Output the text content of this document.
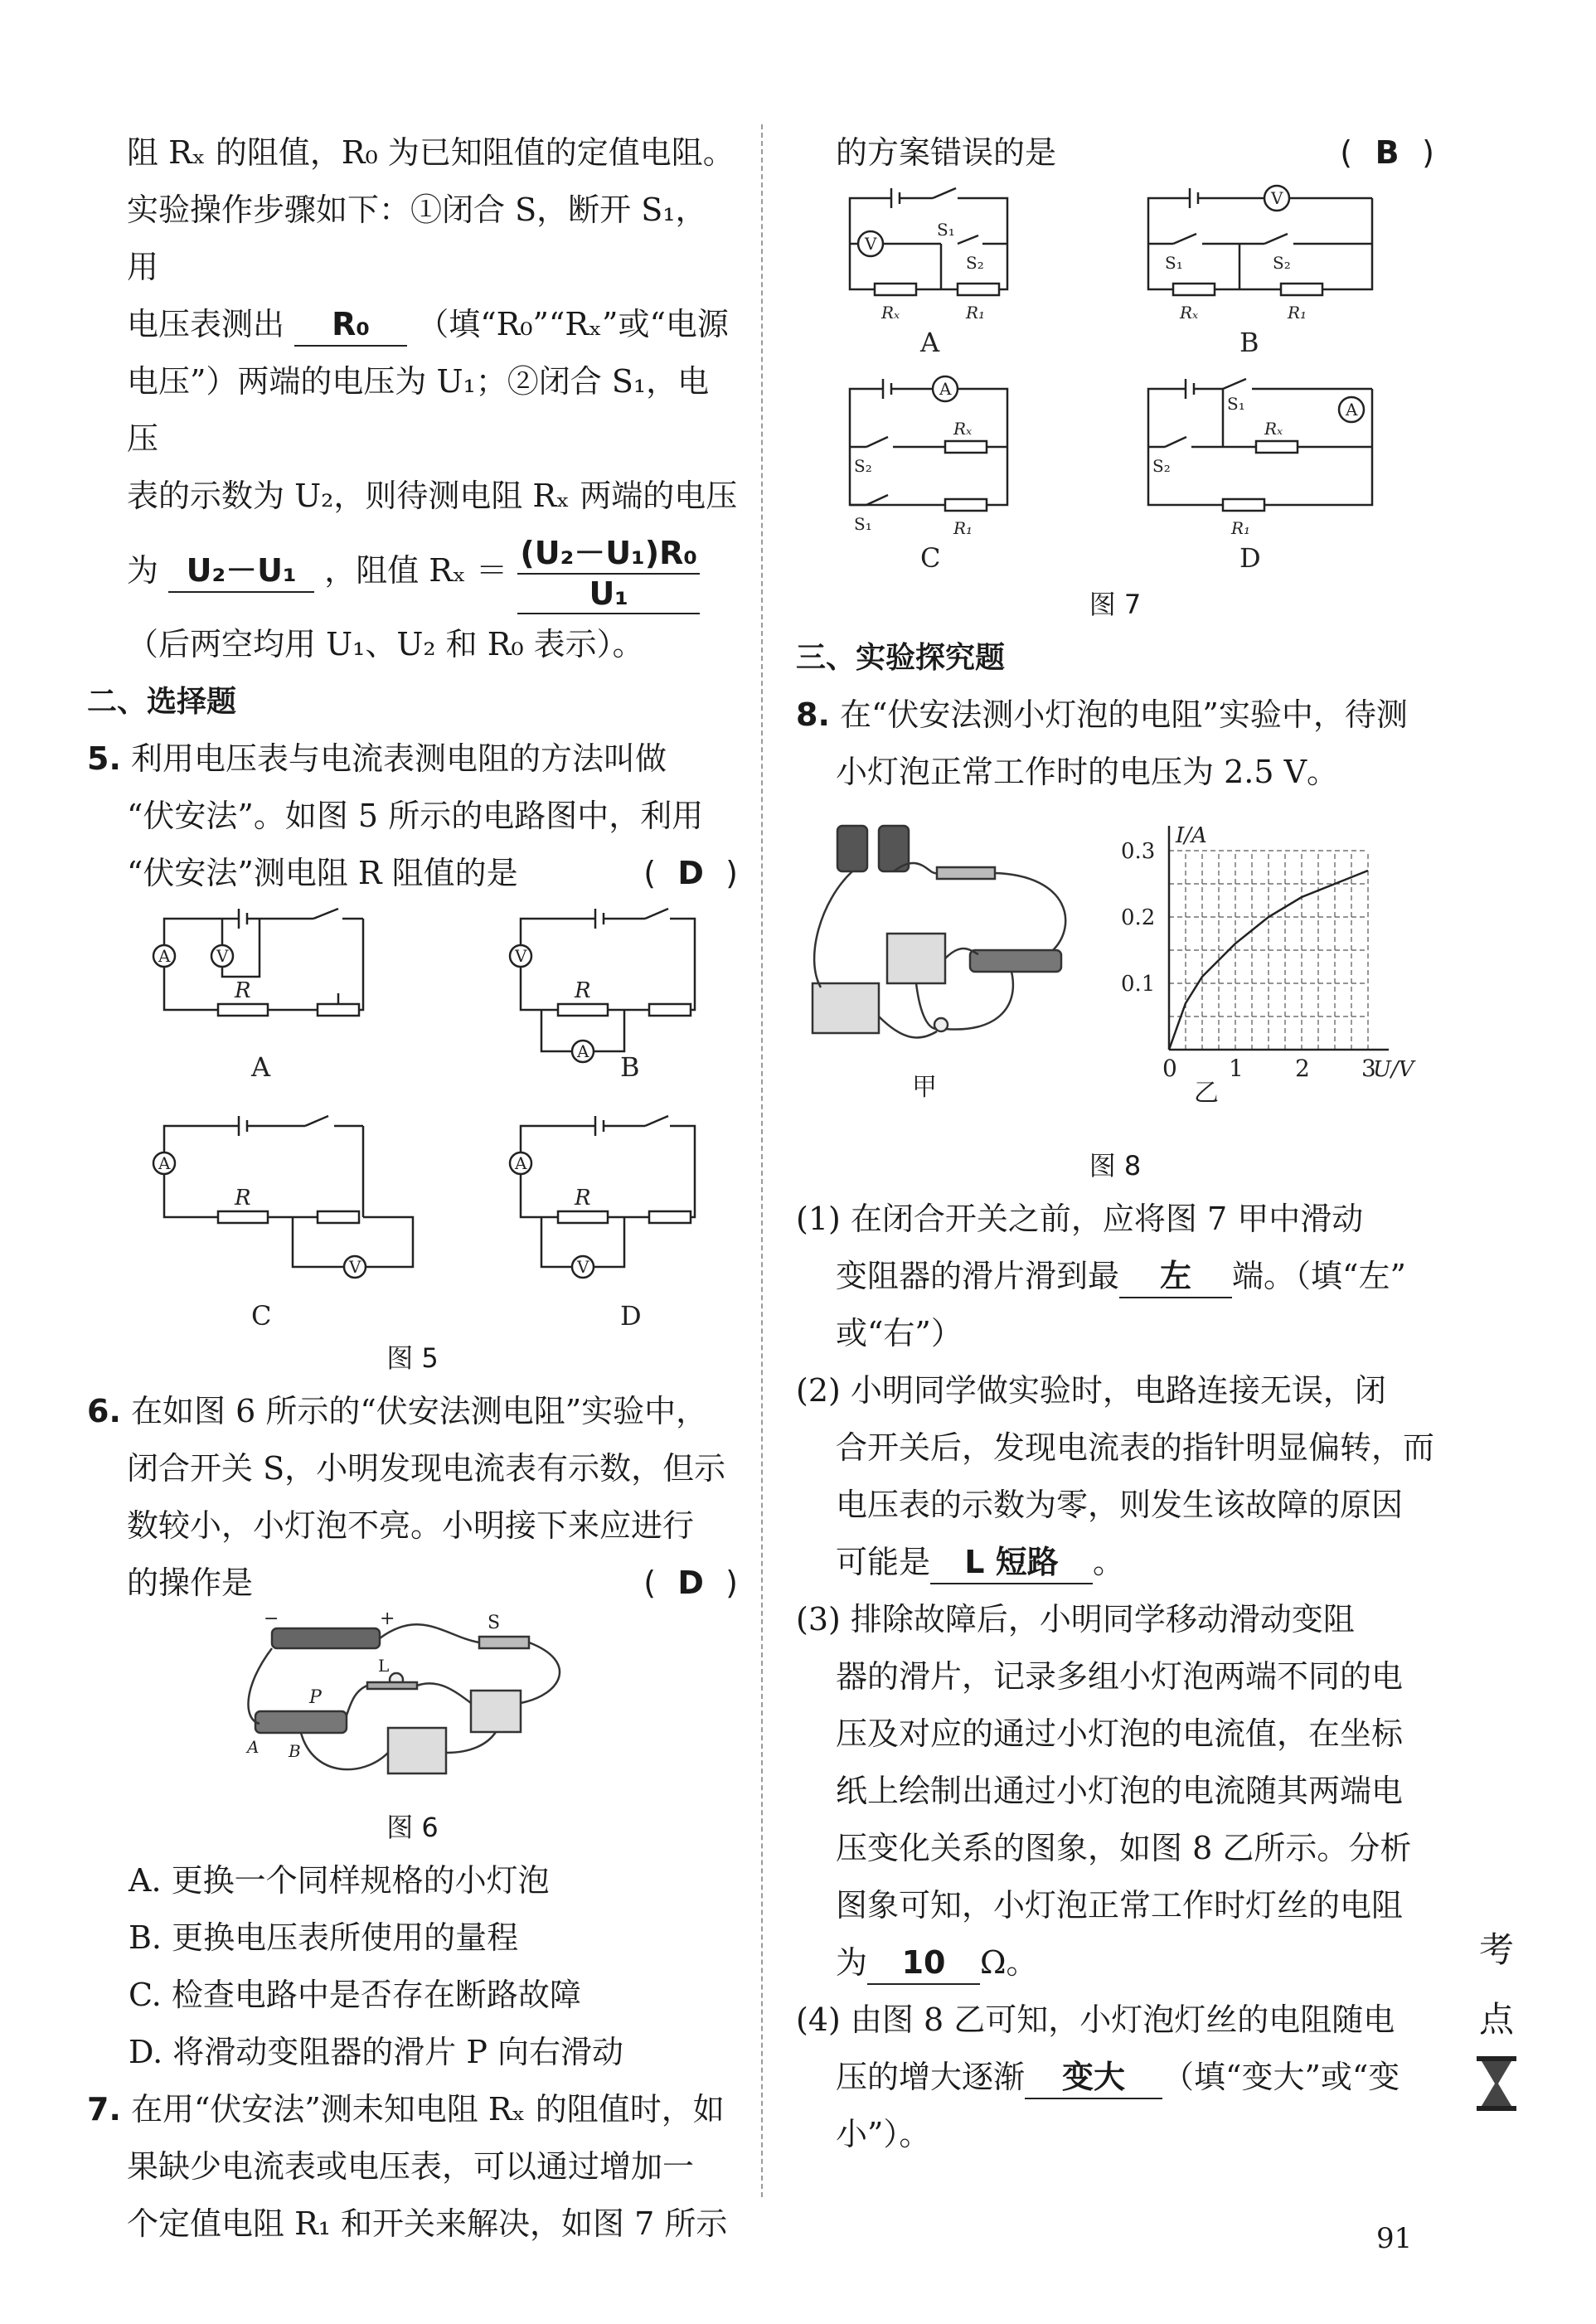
阻 Rₓ 的阻值，R₀ 为已知阻值的定值电阻。

实验操作步骤如下：①闭合 S，断开 S₁，用

电压表测出 R₀ （填“R₀”“Rₓ”或“电源

电压”）两端的电压为 U₁；②闭合 S₁，电压

表的示数为 U₂，则待测电阻 Rₓ 两端的电压

为 U₂－U₁ ，阻值 $R_x = \frac{\text{(U₂－U₁)R₀}}{\text{U₁}}$

（后两空均用 U₁、U₂ 和 R₀ 表示）。

二、选择题

5. 利用电压表与电流表测电阻的方法叫做

“伏安法”。如图 5 所示的电路图中，利用

“伏安法”测电阻 R 阻值的是	( D )

A	V
R
A
V
A
R
B
A
V
R
C
A
V
R
D

图 5

6. 在如图 6 所示的“伏安法测电阻”实验中，

闭合开关 S，小明发现电流表有示数，但示

数较小，小灯泡不亮。小明接下来应进行

的操作是	( D )

−	+	S
L
P
A B

图 6

A. 更换一个同样规格的小灯泡

B. 更换电压表所使用的量程

C. 检查电路中是否存在断路故障

D. 将滑动变阻器的滑片 P 向右滑动

7. 在用“伏安法”测未知电阻 Rₓ 的阻值时，如

果缺少电流表或电压表，可以通过增加一

个定值电阻 R₁ 和开关来解决，如图 7 所示

的方案错误的是	( B )

V
S₁
S₂
Rₓ	R₁
A
V
S₁	S₂
Rₓ	R₁
B
A
S₂
S₁
Rₓ
R₁
C
A
S₁
S₂
Rₓ
R₁
D

图 7

三、实验探究题

8. 在“伏安法测小灯泡的电阻”实验中，待测

小灯泡正常工作时的电压为 2.5 V。

甲	乙
0 1 2 3
0.1
0.2
0.3
I/A
U/V

图 8

(1) 在闭合开关之前，应将图 7 甲中滑动

变阻器的滑片滑到最 左 端。（填“左”

或“右”）

(2) 小明同学做实验时，电路连接无误，闭

合开关后，发现电流表的指针明显偏转，而

电压表的示数为零，则发生该故障的原因

可能是 L 短路 。

(3) 排除故障后，小明同学移动滑动变阻

器的滑片，记录多组小灯泡两端不同的电

压及对应的通过小灯泡的电流值，在坐标

纸上绘制出通过小灯泡的电流随其两端电

压变化关系的图象，如图 8 乙所示。分析

图象可知，小灯泡正常工作时灯丝的电阻

为 10 Ω。

(4) 由图 8 乙可知，小灯泡灯丝的电阻随电

压的增大逐渐 变大 （填“变大”或“变

小”）。

考
点
91
